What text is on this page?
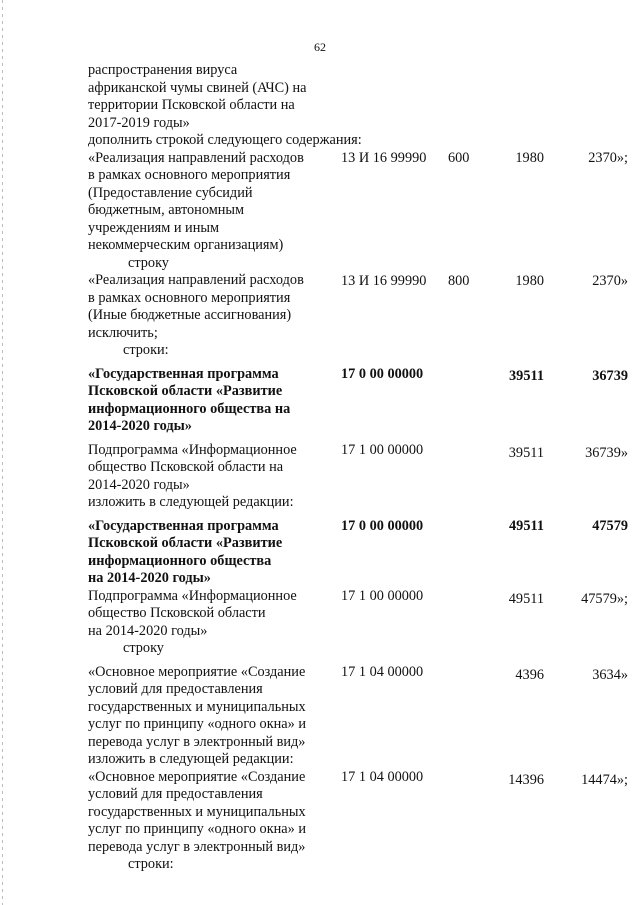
62
распространения вируса
африканской чумы свиней (АЧС) на
территории Псковской области на
2017-2019 годы»
дополнить строкой следующего содержания:
«Реализация направлений расходов
в рамках основного мероприятия
(Предоставление субсидий
бюджетным, автономным
учреждениям и иным
некоммерческим организациям)
13 И 16 99990 600	1980	2370»;
строку
«Реализация направлений расходов
в рамках основного мероприятия
(Иные бюджетные ассигнования)
13 И 16 99990 800	1980	2370»
исключить;
строки:
«Государственная программа
Псковской области «Развитие
информационного общества на
2014-2020 годы»
17 0 00 00000	39511	36739
Подпрограмма «Информационное
общество Псковской области на
2014-2020 годы»
17 1 00 00000	39511	36739»
изложить в следующей редакции:
«Государственная программа
Псковской области «Развитие
информационного общества
на 2014-2020 годы»
17 0 00 00000	49511	47579
Подпрограмма «Информационное
общество Псковской области
на 2014-2020 годы»
17 1 00 00000	49511	47579»;
строку
«Основное мероприятие «Создание
условий для предоставления
государственных и муниципальных
услуг по принципу «одного окна» и
перевода услуг в электронный вид»
17 1 04 00000	4396	3634»
изложить в следующей редакции:
«Основное мероприятие «Создание
условий для предоставления
государственных и муниципальных
услуг по принципу «одного окна» и
перевода услуг в электронный вид»
17 1 04 00000	14396	14474»;
строки:
